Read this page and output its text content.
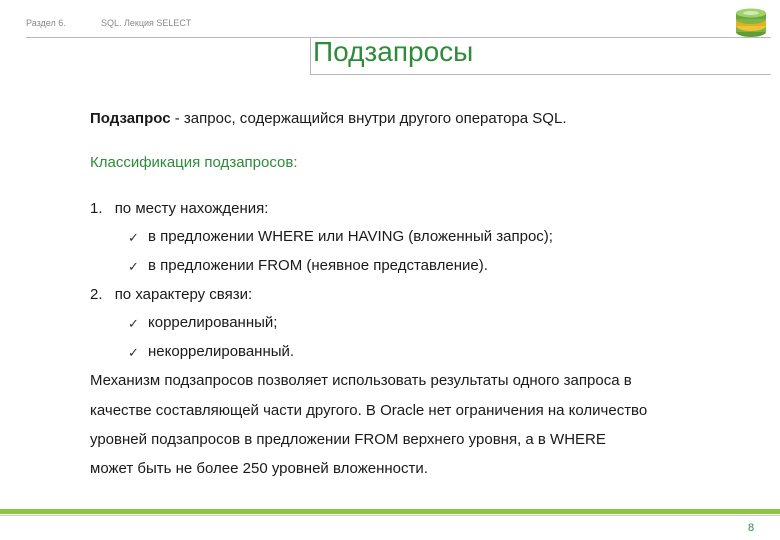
Раздел 6.	SQL. Лекция SELECT
Подзапросы
Подзапрос - запрос, содержащийся внутри другого оператора SQL.
Классификация подзапросов:
1. по месту нахождения:
✓ в предложении WHERE или HAVING (вложенный запрос);
✓ в предложении FROM (неявное представление).
2. по характеру связи:
✓ коррелированный;
✓ некоррелированный.
Механизм подзапросов позволяет использовать результаты одного запроса в
качестве составляющей части другого. В Oracle нет ограничения на количество
уровней подзапросов в предложении FROM верхнего уровня, а в WHERE
может быть не более 250 уровней вложенности.
8
